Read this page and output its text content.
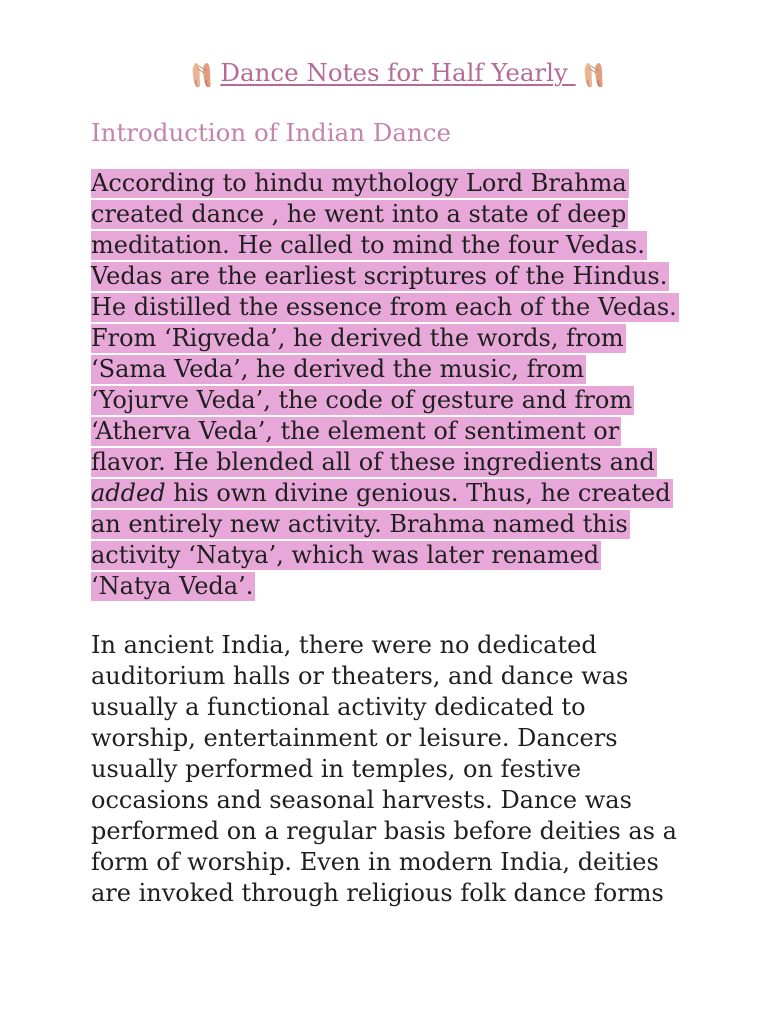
Dance Notes for Half Yearly
Introduction of Indian Dance
According to hindu mythology Lord Brahma
created dance , he went into a state of deep
meditation. He called to mind the four Vedas.
Vedas are the earliest scriptures of the Hindus.
He distilled the essence from each of the Vedas.
From ‘Rigveda’, he derived the words, from
‘Sama Veda’, he derived the music, from
‘Yojurve Veda’, the code of gesture and from
‘Atherva Veda’, the element of sentiment or
flavor. He blended all of these ingredients and
added his own divine genious. Thus, he created
an entirely new activity. Brahma named this
activity ‘Natya’, which was later renamed
‘Natya Veda’.
In ancient India, there were no dedicated
auditorium halls or theaters, and dance was
usually a functional activity dedicated to
worship, entertainment or leisure. Dancers
usually performed in temples, on festive
occasions and seasonal harvests. Dance was
performed on a regular basis before deities as a
form of worship. Even in modern India, deities
are invoked through religious folk dance forms
